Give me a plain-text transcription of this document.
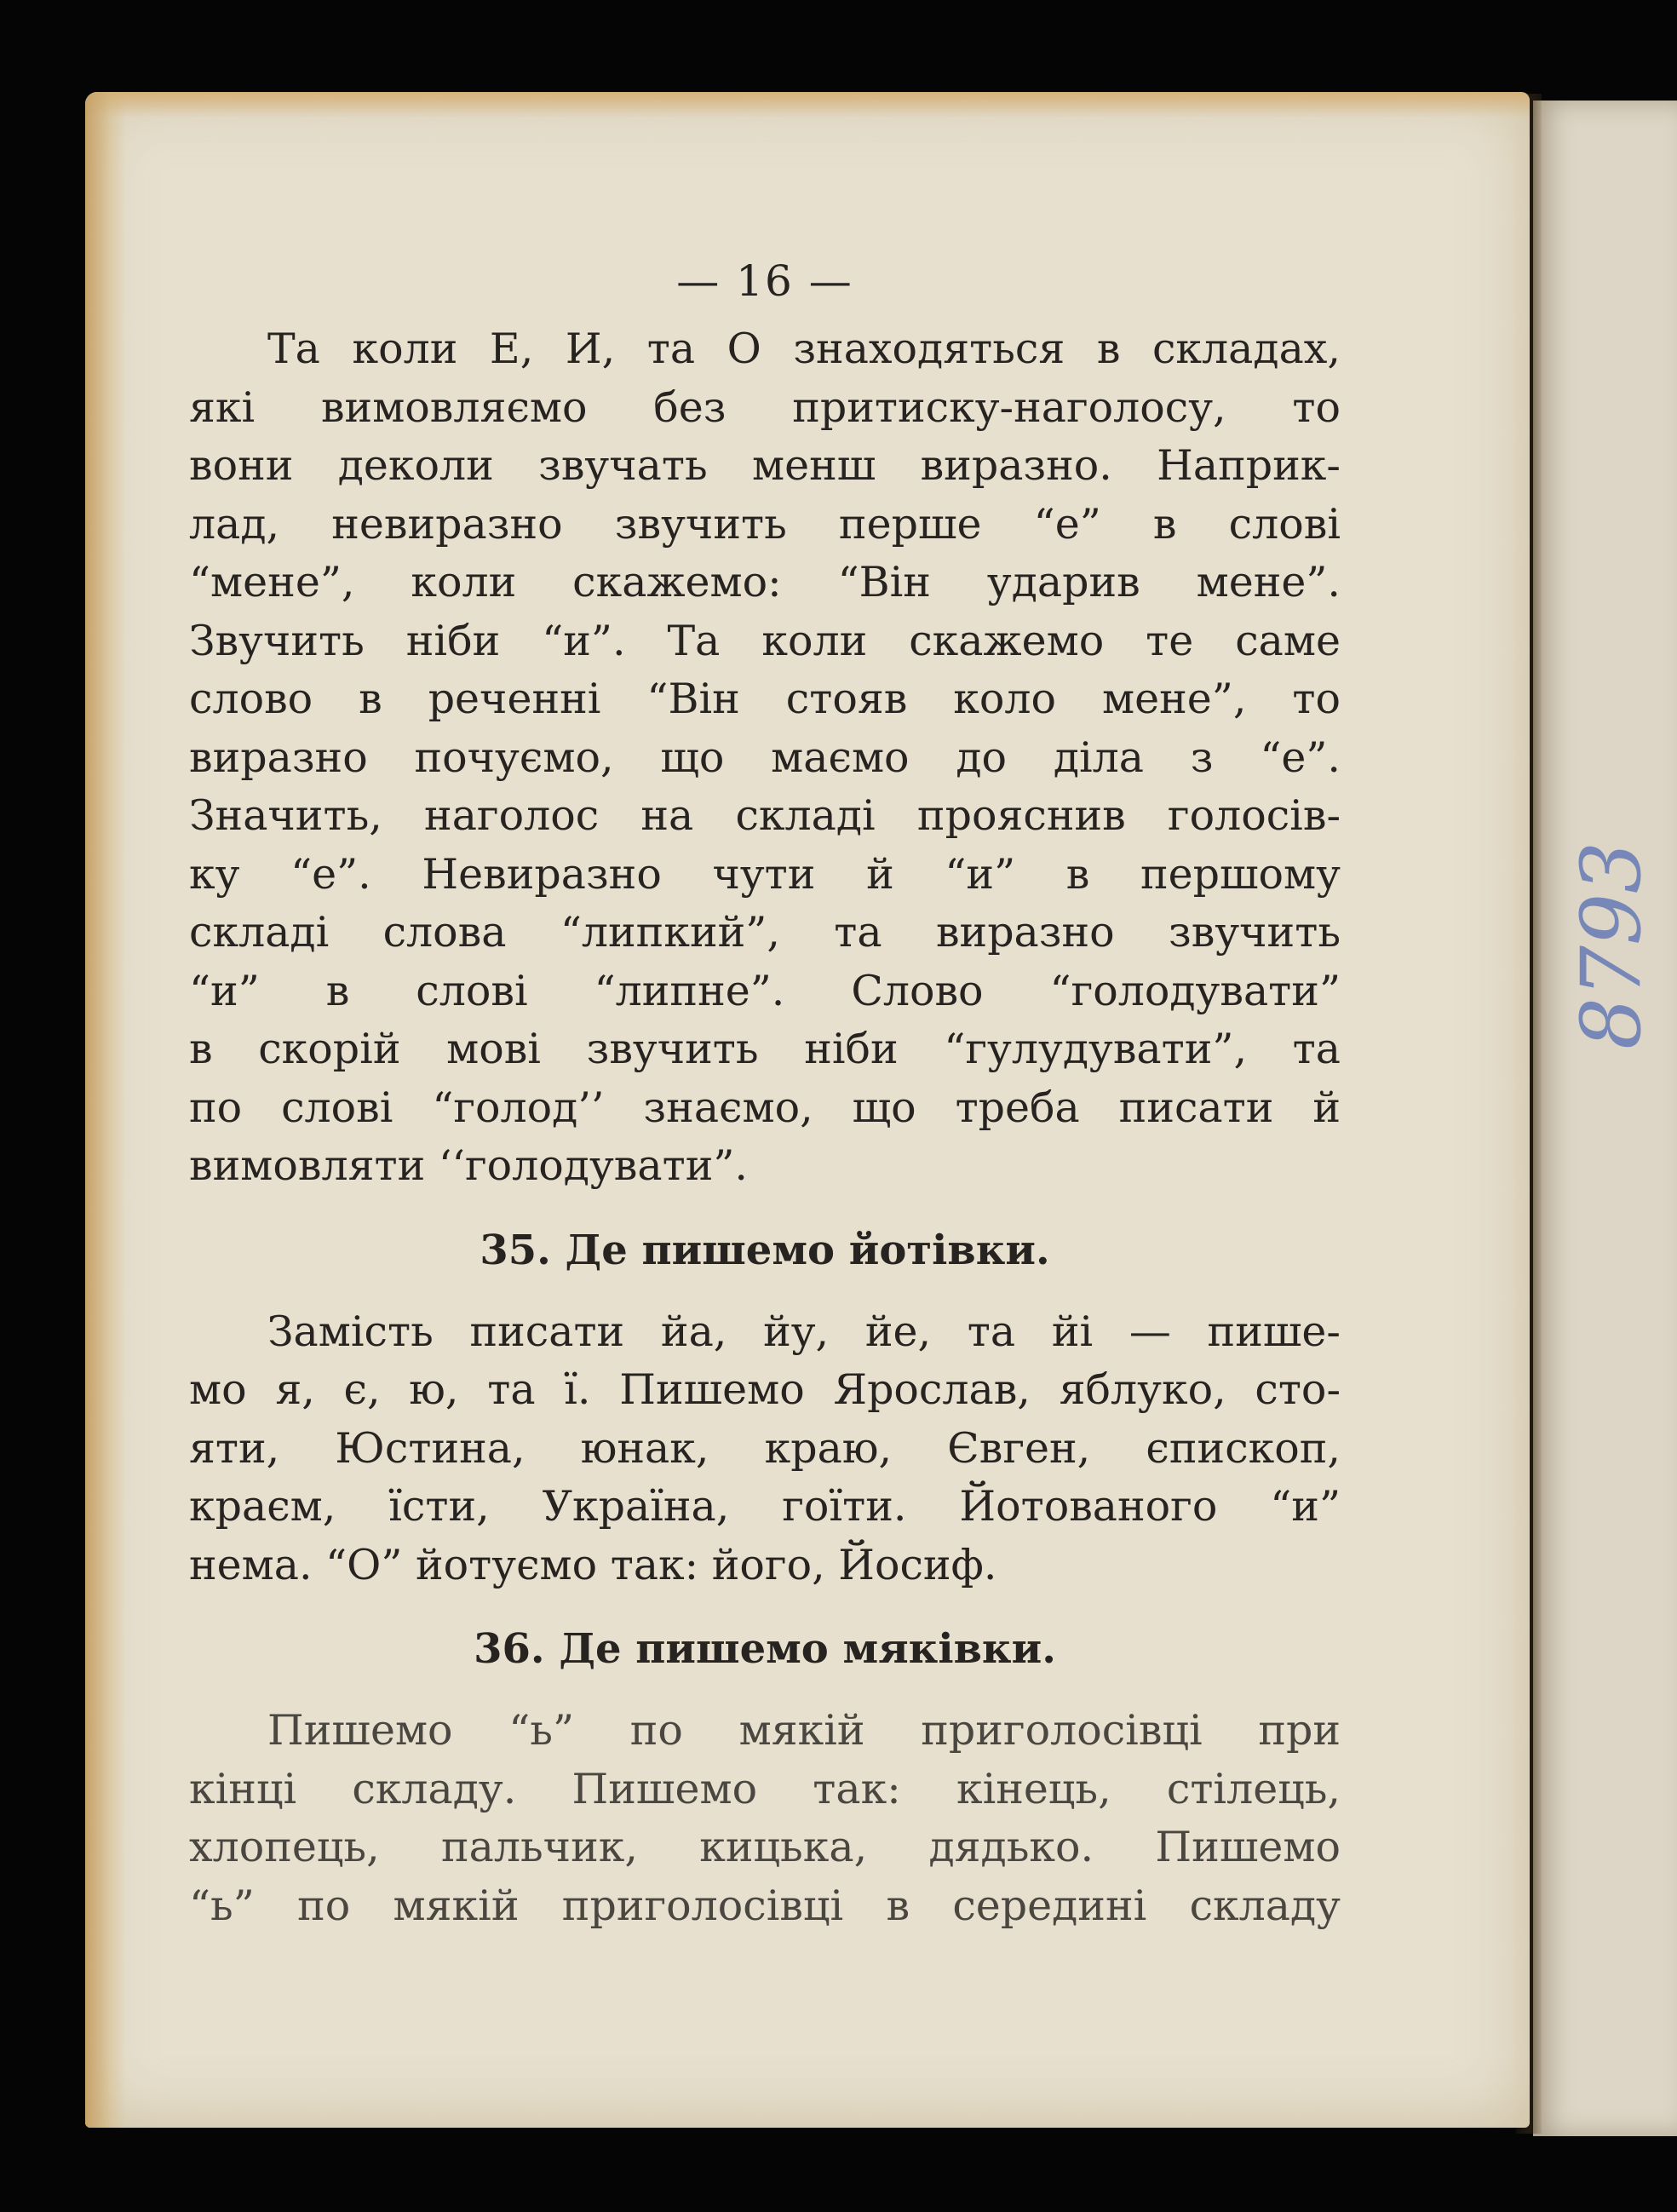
8793
— 16 —
Та коли Е, И, та О знаходяться в складах,
які вимовляємо без притиску-наголосу, то
вони деколи звучать менш виразно. Наприк-
лад, невиразно звучить перше “е” в слові
“мене”, коли скажемо: “Він ударив мене”.
Звучить ніби “и”. Та коли скажемо те саме
слово в реченні “Він стояв коло мене”, то
виразно почуємо, що маємо до діла з “е”.
Значить, наголос на складі прояснив голосів-
ку “е”. Невиразно чути й “и” в першому
складі слова “липкий”, та виразно звучить
“и” в слові “липне”. Слово “голодувати”
в скорій мові звучить ніби “гулудувати”, та
по слові “голод’’ знаємо, що треба писати й
вимовляти ‘‘голодувати”.
35. Де пишемо йотівки.
Замість писати йа, йу, йе, та йі — пише-
мо я, є, ю, та ї. Пишемо Ярослав, яблуко, сто-
яти, Юстина, юнак, краю, Євген, єпископ,
краєм, їсти, Україна, гоїти. Йотованого “и”
нема. “О” йотуємо так: його, Йосиф.
36. Де пишемо мяківки.
Пишемо “ь” по мякій приголосівці при
кінці складу. Пишемо так: кінець, стілець,
хлопець, пальчик, кицька, дядько. Пишемо
“ь” по мякій приголосівці в середині складу
